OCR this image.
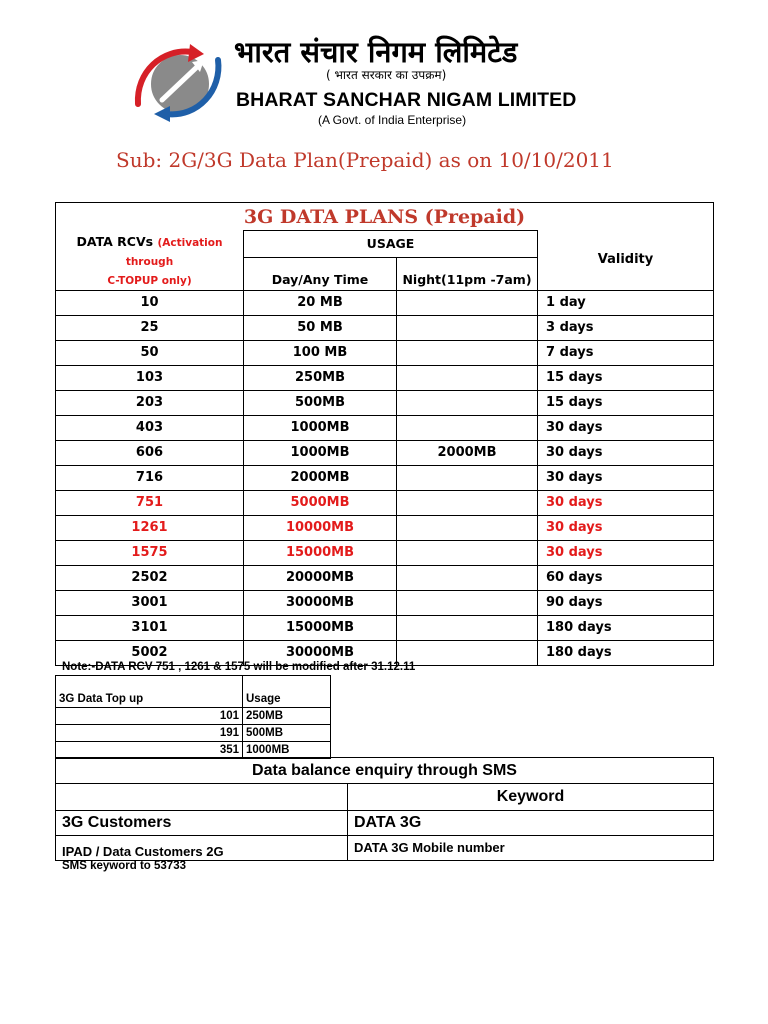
भारत संचार निगम लिमिटेड
( भारत सरकार का उपक्रम)
BHARAT SANCHAR NIGAM LIMITED
(A Govt. of India Enterprise)
Sub: 2G/3G Data Plan(Prepaid) as on 10/10/2011
3G DATA PLANS (Prepaid)			
DATA RCVs (Activation
through
C-TOPUP only)	USAGE		Validity
	Day/Any Time	Night(11pm -7am)	
10	20 MB		1 day
25	50 MB		3 days
50	100 MB		7 days
103	250MB		15 days
203	500MB		15 days
403	1000MB		30 days
606	1000MB	2000MB	30 days
716	2000MB		30 days
751	5000MB		30 days
1261	10000MB		30 days
1575	15000MB		30 days
2502	20000MB		60 days
3001	30000MB		90 days
3101	15000MB		180 days
5002	30000MB		180 days
Note:-DATA RCV 751 , 1261 & 1575 will be modified after 31.12.11
3G Data Top up	Usage
101	250MB
191	500MB
351	1000MB
Data balance enquiry through SMS	
	Keyword
3G Customers	DATA 3G
IPAD / Data Customers 2G	DATA 3G Mobile number
SMS keyword to 53733
